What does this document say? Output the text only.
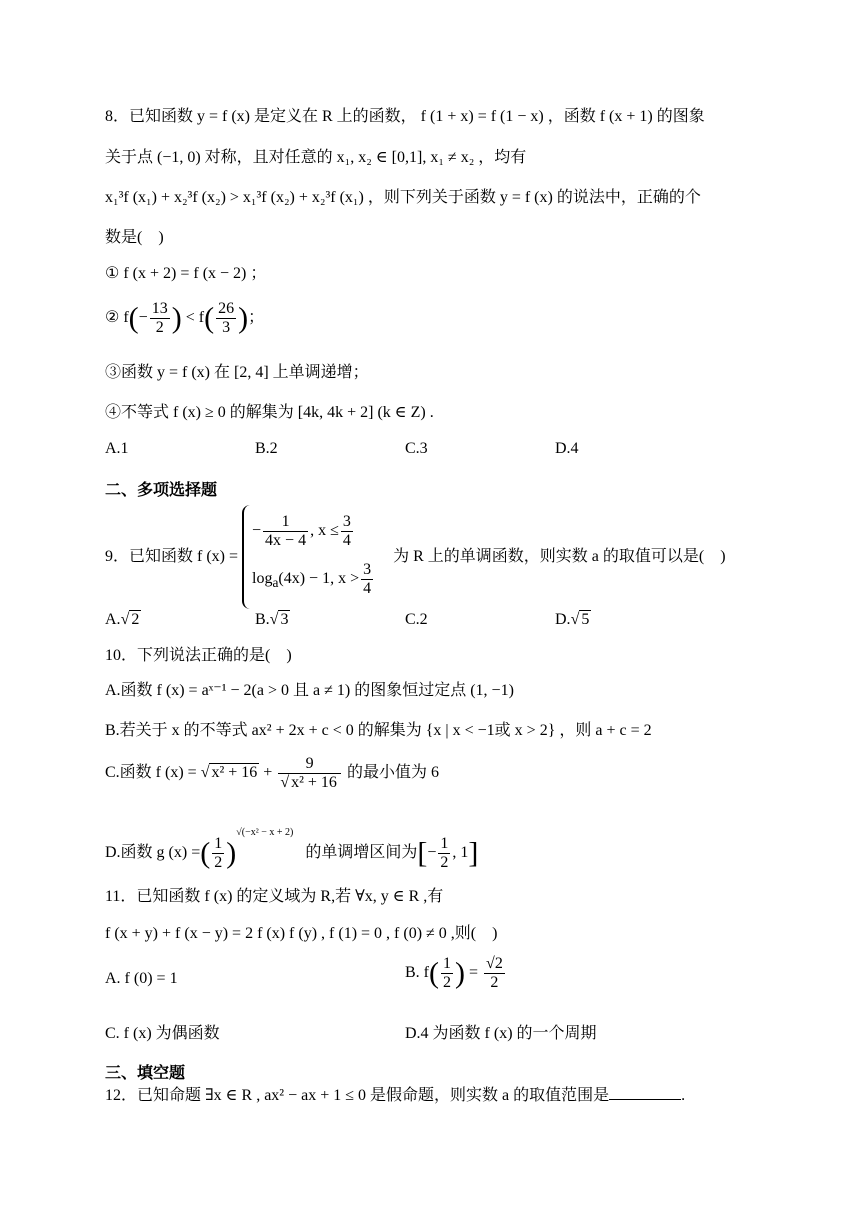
8．已知函数 y = f (x) 是定义在 R 上的函数， f (1 + x) = f (1 − x) ，函数 f (x + 1) 的图象
关于点 (−1, 0) 对称，且对任意的 x₁, x₂ ∈ [0,1], x₁ ≠ x₂ ，均有
x₁³f (x₁) + x₂³f (x₂) > x₁³f (x₂) + x₂³f (x₁) ，则下列关于函数 y = f (x) 的说法中，正确的个
数是(　)
① f (x + 2) = f (x − 2) ；
② $f(- \frac{13}{2}$ ) < $f( \frac{26}{3}$ )；
③函数 y = f (x) 在 [2, 4] 上单调递增；
④不等式 f (x) ≥ 0 的解集为 [4k, 4k + 2] (k ∈ Z) .
A.1	B.2	C.3	D.4
二、多项选择题
9．已知函数 f (x) =
− $\frac{1}{4x - 4}$ , $x \le \frac{3}{4}$
$\log_a(4x) - 1$, $x > \frac{3}{4}$
为 R 上的单调函数，则实数 a 的取值可以是(　)
A.√ 2	B.√ 3	C.2	D.√ 5
10．下列说法正确的是(　)
A.函数 f (x) = aˣ⁻¹ − 2(a > 0 且 a ≠ 1) 的图象恒过定点 (1, −1)
B.若关于 x 的不等式 ax² + 2x + c < 0 的解集为 {x | x < −1或 x > 2} ，则 a + c = 2
C.函数 f (x) = √ $x^2 + 16 + \frac{9}{\text{√ x² + 16}}$ 的最小值为 6
D.函数 g (x) =( $\frac{1}{2} )^{√(-x^2 - x + 2)}$ 的单调增区间为[− $\frac{1}{2}$ , 1]
11．已知函数 f (x) 的定义域为 R,若 ∀x, y ∈ R ,有
f (x + y) + f (x − y) = 2 f (x) f (y) , f (1) = 0 , f (0) ≠ 0 ,则(　)
A. f (0) = 1	B. $f( \frac{1}{2}$ ) = $\frac{√2}{2}$
C. f (x) 为偶函数	D.4 为函数 f (x) 的一个周期
三、填空题
12．已知命题 ∃x ∈ R , ax² − ax + 1 ≤ 0 是假命题，则实数 a 的取值范围是	.
